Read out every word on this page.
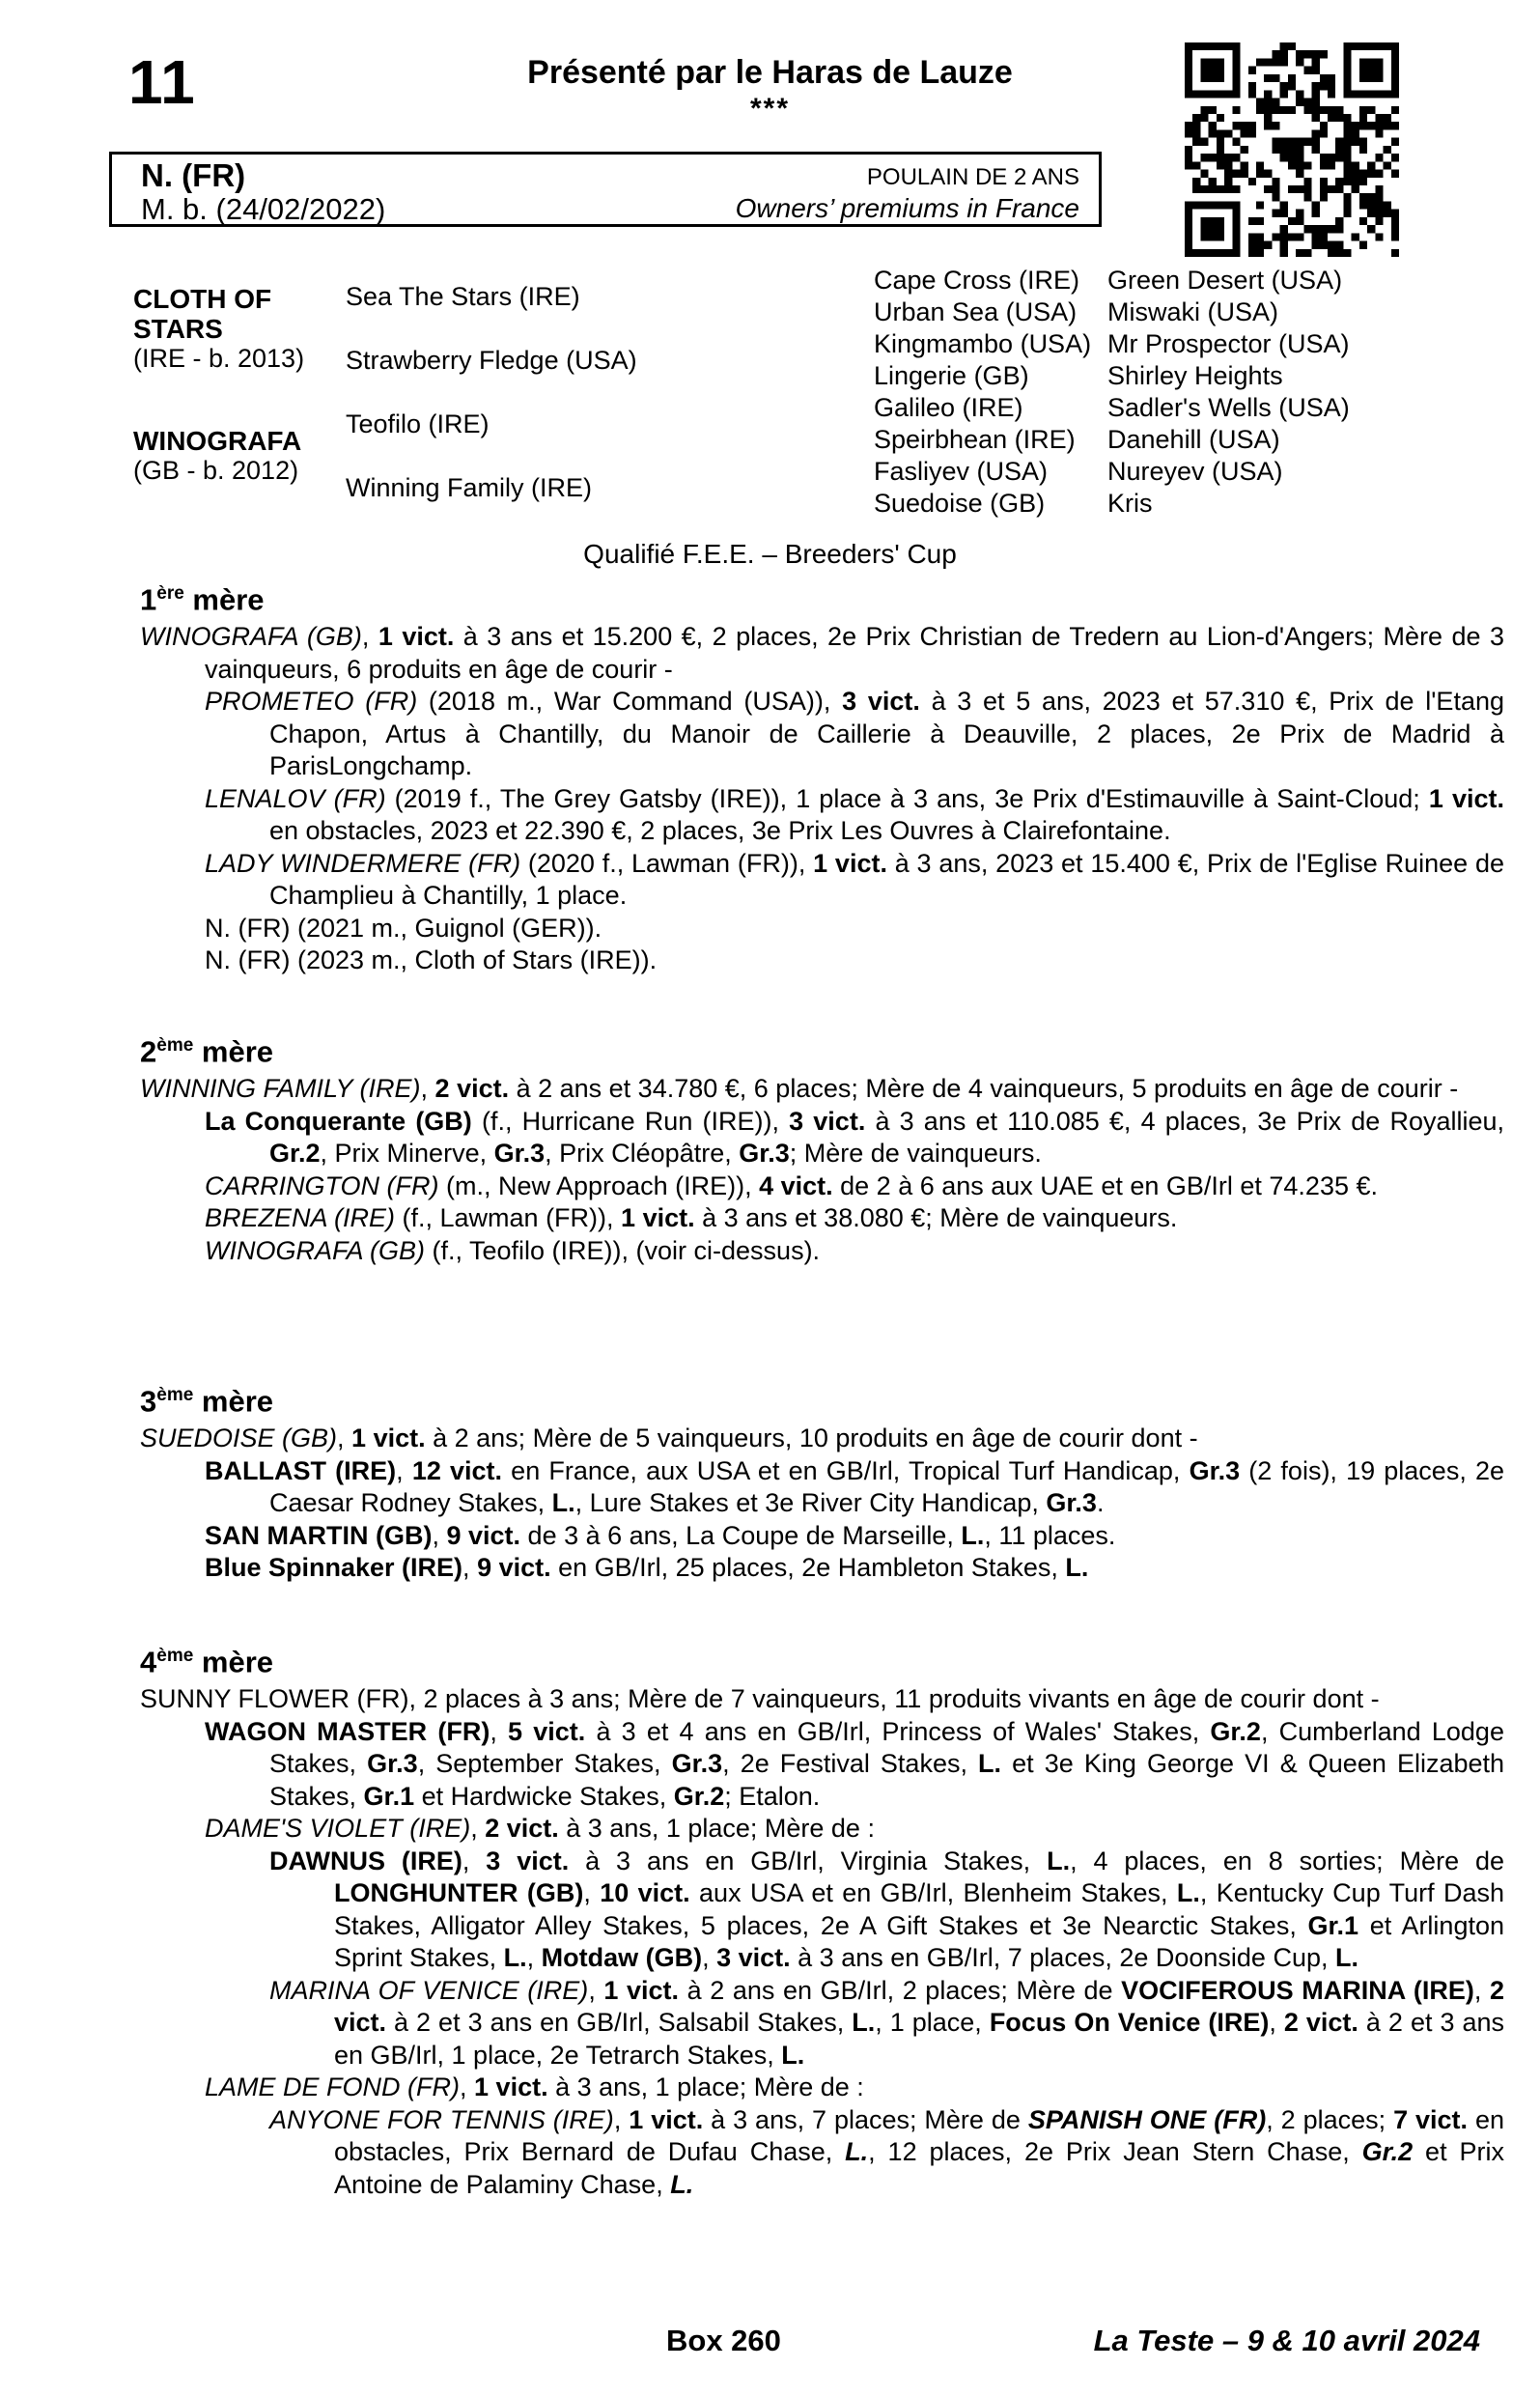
11	Présenté par le Haras de Lauze
***
N. (FR)
M. b. (24/02/2022)
POULAIN DE 2 ANS
Owners’ premiums in France
CLOTH OF STARS
(IRE - b. 2013)
WINOGRAFA
(GB - b. 2012)
Sea The Stars (IRE)
Strawberry Fledge (USA)
Teofilo (IRE)
Winning Family (IRE)
Cape Cross (IRE)
Urban Sea (USA)
Kingmambo (USA)
Lingerie (GB)
Galileo (IRE)
Speirbhean (IRE)
Fasliyev (USA)
Suedoise (GB)
Green Desert (USA)
Miswaki (USA)
Mr Prospector (USA)
Shirley Heights
Sadler's Wells (USA)
Danehill (USA)
Nureyev (USA)
Kris
Qualifié F.E.E. – Breeders' Cup
1ère mère
WINOGRAFA (GB), 1 vict. à 3 ans et 15.200 €, 2 places, 2e Prix Christian de Tredern au Lion-d'Angers; Mère de 3 vainqueurs, 6 produits en âge de courir -
PROMETEO (FR) (2018 m., War Command (USA)), 3 vict. à 3 et 5 ans, 2023 et 57.310 €, Prix de l'Etang Chapon, Artus à Chantilly, du Manoir de Caillerie à Deauville, 2 places, 2e Prix de Madrid à ParisLongchamp.
LENALOV (FR) (2019 f., The Grey Gatsby (IRE)), 1 place à 3 ans, 3e Prix d'Estimauville à Saint-Cloud; 1 vict. en obstacles, 2023 et 22.390 €, 2 places, 3e Prix Les Ouvres à Clairefontaine.
LADY WINDERMERE (FR) (2020 f., Lawman (FR)), 1 vict. à 3 ans, 2023 et 15.400 €, Prix de l'Eglise Ruinee de Champlieu à Chantilly, 1 place.
N. (FR) (2021 m., Guignol (GER)).
N. (FR) (2023 m., Cloth of Stars (IRE)).
2ème mère
WINNING FAMILY (IRE), 2 vict. à 2 ans et 34.780 €, 6 places; Mère de 4 vainqueurs, 5 produits en âge de courir -
La Conquerante (GB) (f., Hurricane Run (IRE)), 3 vict. à 3 ans et 110.085 €, 4 places, 3e Prix de Royallieu, Gr.2, Prix Minerve, Gr.3, Prix Cléopâtre, Gr.3; Mère de vainqueurs.
CARRINGTON (FR) (m., New Approach (IRE)), 4 vict. de 2 à 6 ans aux UAE et en GB/Irl et 74.235 €.
BREZENA (IRE) (f., Lawman (FR)), 1 vict. à 3 ans et 38.080 €; Mère de vainqueurs.
WINOGRAFA (GB) (f., Teofilo (IRE)), (voir ci-dessus).
3ème mère
SUEDOISE (GB), 1 vict. à 2 ans; Mère de 5 vainqueurs, 10 produits en âge de courir dont -
BALLAST (IRE), 12 vict. en France, aux USA et en GB/Irl, Tropical Turf Handicap, Gr.3 (2 fois), 19 places, 2e Caesar Rodney Stakes, L., Lure Stakes et 3e River City Handicap, Gr.3.
SAN MARTIN (GB), 9 vict. de 3 à 6 ans, La Coupe de Marseille, L., 11 places.
Blue Spinnaker (IRE), 9 vict. en GB/Irl, 25 places, 2e Hambleton Stakes, L.
4ème mère
SUNNY FLOWER (FR), 2 places à 3 ans; Mère de 7 vainqueurs, 11 produits vivants en âge de courir dont -
WAGON MASTER (FR), 5 vict. à 3 et 4 ans en GB/Irl, Princess of Wales' Stakes, Gr.2, Cumberland Lodge Stakes, Gr.3, September Stakes, Gr.3, 2e Festival Stakes, L. et 3e King George VI & Queen Elizabeth Stakes, Gr.1 et Hardwicke Stakes, Gr.2; Etalon.
DAME'S VIOLET (IRE), 2 vict. à 3 ans, 1 place; Mère de :
DAWNUS (IRE), 3 vict. à 3 ans en GB/Irl, Virginia Stakes, L., 4 places, en 8 sorties; Mère de LONGHUNTER (GB), 10 vict. aux USA et en GB/Irl, Blenheim Stakes, L., Kentucky Cup Turf Dash Stakes, Alligator Alley Stakes, 5 places, 2e A Gift Stakes et 3e Nearctic Stakes, Gr.1 et Arlington Sprint Stakes, L., Motdaw (GB), 3 vict. à 3 ans en GB/Irl, 7 places, 2e Doonside Cup, L.
MARINA OF VENICE (IRE), 1 vict. à 2 ans en GB/Irl, 2 places; Mère de VOCIFEROUS MARINA (IRE), 2 vict. à 2 et 3 ans en GB/Irl, Salsabil Stakes, L., 1 place, Focus On Venice (IRE), 2 vict. à 2 et 3 ans en GB/Irl, 1 place, 2e Tetrarch Stakes, L.
LAME DE FOND (FR), 1 vict. à 3 ans, 1 place; Mère de :
ANYONE FOR TENNIS (IRE), 1 vict. à 3 ans, 7 places; Mère de SPANISH ONE (FR), 2 places; 7 vict. en obstacles, Prix Bernard de Dufau Chase, L., 12 places, 2e Prix Jean Stern Chase, Gr.2 et Prix Antoine de Palaminy Chase, L.
Box 260	La Teste – 9 & 10 avril 2024
